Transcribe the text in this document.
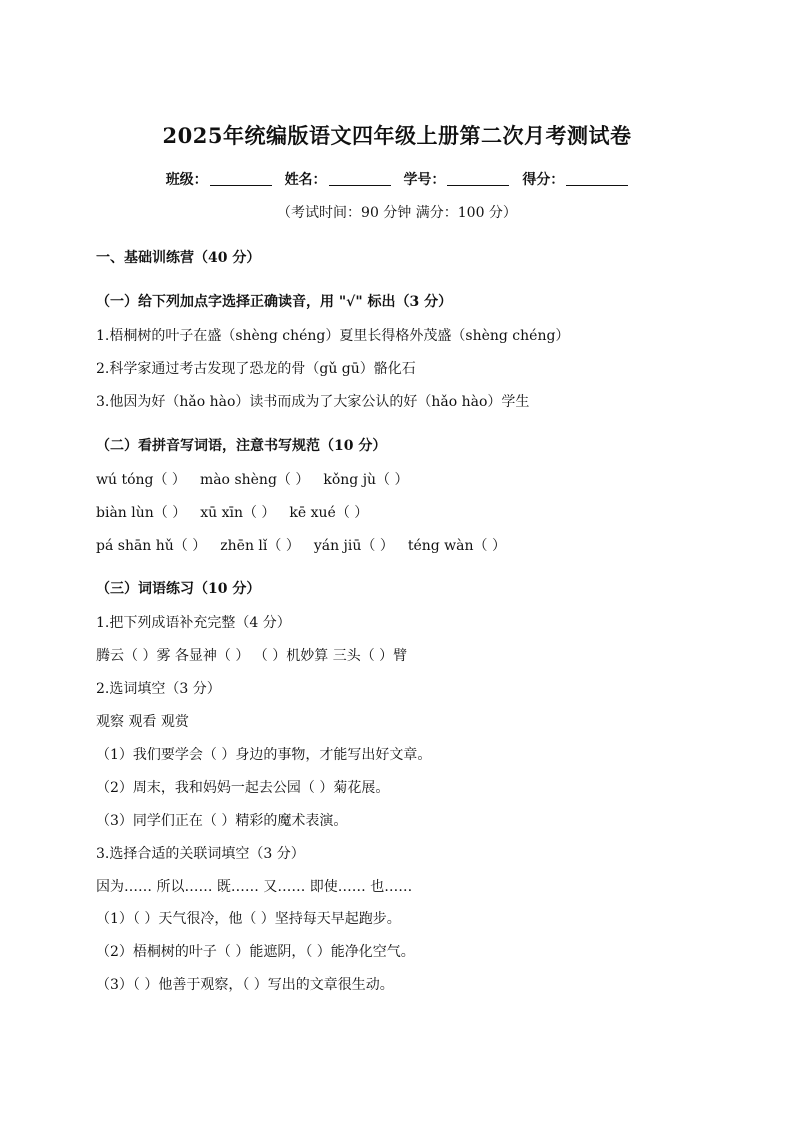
2025年统编版语文四年级上册第二次月考测试卷
班级：	姓名：	学号：	得分：
（考试时间：90 分钟 满分：100 分）
一、基础训练营（40 分）
（一）给下列加点字选择正确读音，用 "√" 标出（3 分）
1.梧桐树的叶子在盛（shèng chéng）夏里长得格外茂盛（shèng chéng）
2.科学家通过考古发现了恐龙的骨（gǔ gū）骼化石
3.他因为好（hǎo hào）读书而成为了大家公认的好（hǎo hào）学生
（二）看拼音写词语，注意书写规范（10 分）
wú tóng（ ） mào shèng（ ） kǒng jù（ ）
biàn lùn（ ） xū xīn（ ） kē xué（ ）
pá shān hǔ（ ） zhēn lǐ（ ） yán jiū（ ） téng wàn（ ）
（三）词语练习（10 分）
1.把下列成语补充完整（4 分）
腾云（ ）雾 各显神（ ） （ ）机妙算 三头（ ）臂
2.选词填空（3 分）
观察 观看 观赏
（1）我们要学会（ ）身边的事物，才能写出好文章。
（2）周末，我和妈妈一起去公园（ ）菊花展。
（3）同学们正在（ ）精彩的魔术表演。
3.选择合适的关联词填空（3 分）
因为…… 所以…… 既…… 又…… 即使…… 也……
（1）（ ）天气很冷，他（ ）坚持每天早起跑步。
（2）梧桐树的叶子（ ）能遮阴，（ ）能净化空气。
（3）（ ）他善于观察，（ ）写出的文章很生动。
